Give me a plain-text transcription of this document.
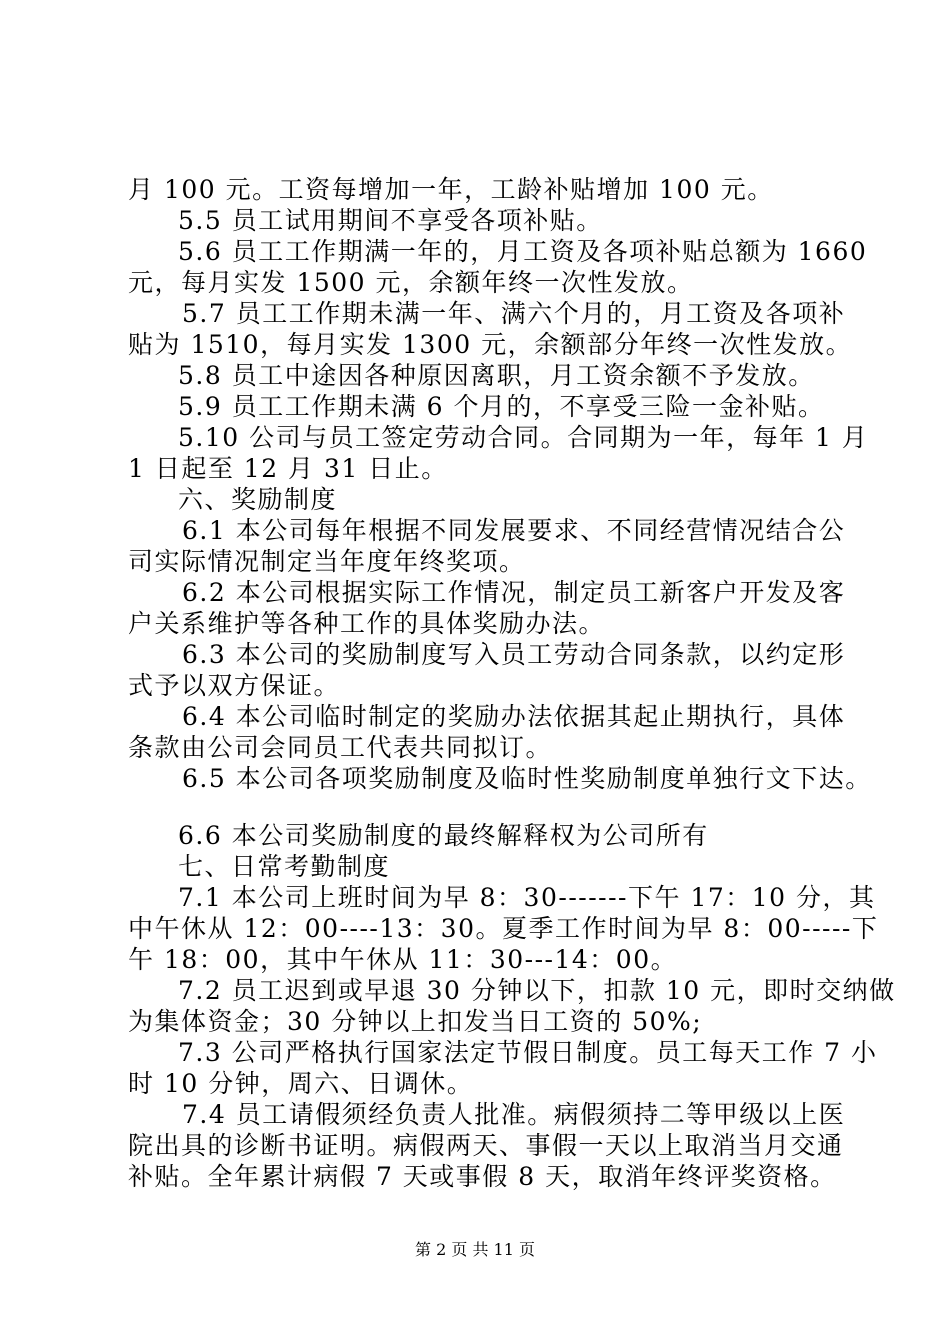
月 100 元。工资每增加一年，工龄补贴增加 100 元。
5.5 员工试用期间不享受各项补贴。
5.6 员工工作期满一年的，月工资及各项补贴总额为 1660
元，每月实发 1500 元，余额年终一次性发放。
5.7 员工工作期未满一年、满六个月的，月工资及各项补
贴为 1510，每月实发 1300 元，余额部分年终一次性发放。
5.8 员工中途因各种原因离职，月工资余额不予发放。
5.9 员工工作期未满 6 个月的，不享受三险一金补贴。
5.10 公司与员工签定劳动合同。合同期为一年，每年 1 月
1 日起至 12 月 31 日止。
六、奖励制度
6.1 本公司每年根据不同发展要求、不同经营情况结合公
司实际情况制定当年度年终奖项。
6.2 本公司根据实际工作情况，制定员工新客户开发及客
户关系维护等各种工作的具体奖励办法。
6.3 本公司的奖励制度写入员工劳动合同条款，以约定形
式予以双方保证。
6.4 本公司临时制定的奖励办法依据其起止期执行，具体
条款由公司会同员工代表共同拟订。
6.5 本公司各项奖励制度及临时性奖励制度单独行文下达。
6.6 本公司奖励制度的最终解释权为公司所有
七、日常考勤制度
7.1 本公司上班时间为早 8：30-------下午 17：10 分，其
中午休从 12：00----13：30。夏季工作时间为早 8：00-----下
午 18：00，其中午休从 11：30---14：00。
7.2 员工迟到或早退 30 分钟以下，扣款 10 元，即时交纳做
为集体资金；30 分钟以上扣发当日工资的 50%;
7.3 公司严格执行国家法定节假日制度。员工每天工作 7 小
时 10 分钟，周六、日调休。
7.4 员工请假须经负责人批准。病假须持二等甲级以上医
院出具的诊断书证明。病假两天、事假一天以上取消当月交通
补贴。全年累计病假 7 天或事假 8 天，取消年终评奖资格。
第 2 页 共 11 页
